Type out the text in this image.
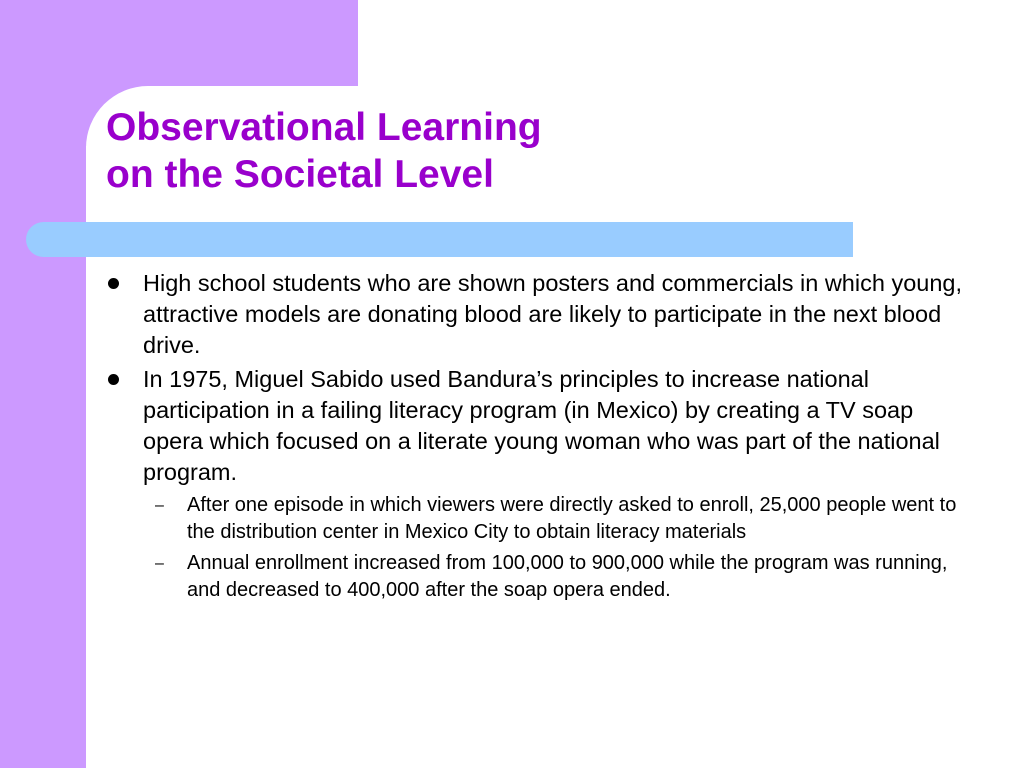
Observational Learning
on the Societal Level
High school students who are shown posters and commercials in which young, attractive models are donating blood are likely to participate in the next blood drive.
In 1975, Miguel Sabido used Bandura’s principles to increase national participation in a failing literacy program (in Mexico) by creating a TV soap opera which focused on a literate young woman who was part of the national program.
– After one episode in which viewers were directly asked to enroll, 25,000 people went to the distribution center in Mexico City to obtain literacy materials
– Annual enrollment increased from 100,000 to 900,000 while the program was running, and decreased to 400,000 after the soap opera ended.
